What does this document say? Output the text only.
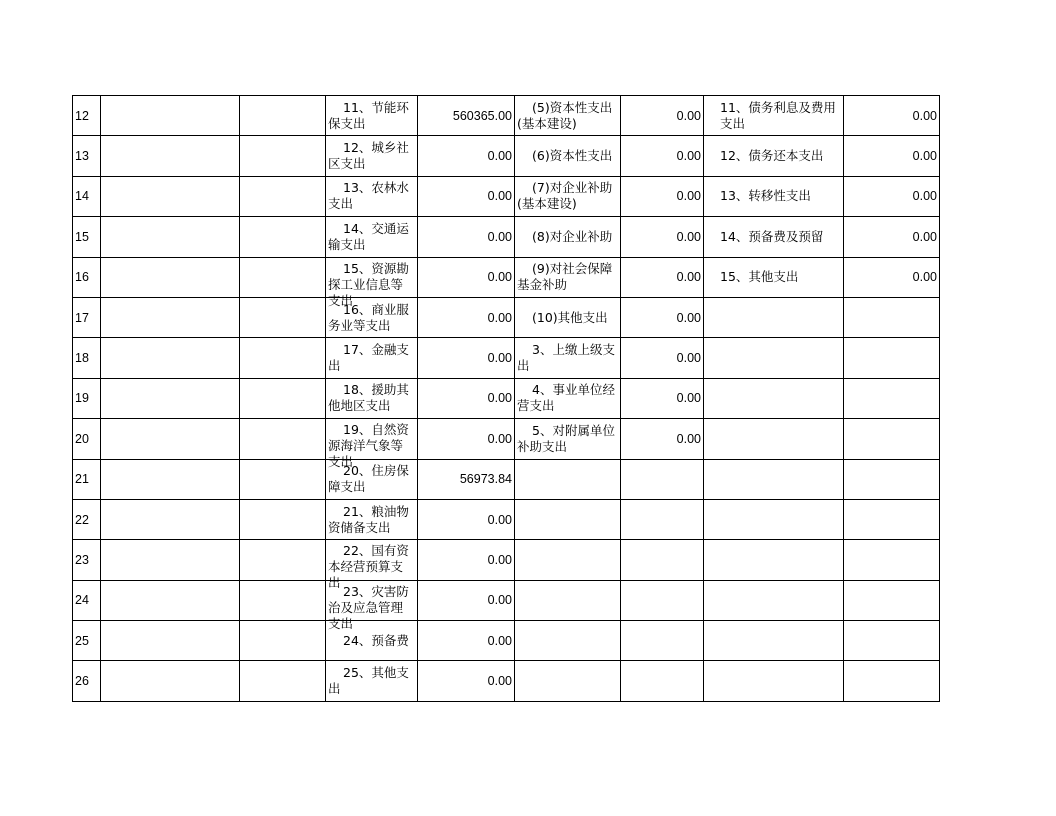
12			11、节能环保支出	560365.00	(5)资本性支出(基本建设)	0.00	11、债务利息及费用支出	0.00
13			12、城乡社区支出	0.00	(6)资本性支出	0.00	12、债务还本支出	0.00
14			13、农林水支出	0.00	(7)对企业补助(基本建设)	0.00	13、转移性支出	0.00
15			14、交通运输支出	0.00	(8)对企业补助	0.00	14、预备费及预留	0.00
16			15、资源勘探工业信息等支出	0.00	(9)对社会保障基金补助	0.00	15、其他支出	0.00
17			16、商业服务业等支出	0.00	(10)其他支出	0.00	

18			17、金融支出	0.00	3、上缴上级支出	0.00	

19			18、援助其他地区支出	0.00	4、事业单位经营支出	0.00	

20			19、自然资源海洋气象等支出	0.00	5、对附属单位补助支出	0.00	

21			20、住房保障支出	56973.84	

22			21、粮油物资储备支出	0.00	

23			22、国有资本经营预算支出	0.00	

24			23、灾害防治及应急管理支出	0.00	

25			24、预备费	0.00	

26			25、其他支出	0.00	
